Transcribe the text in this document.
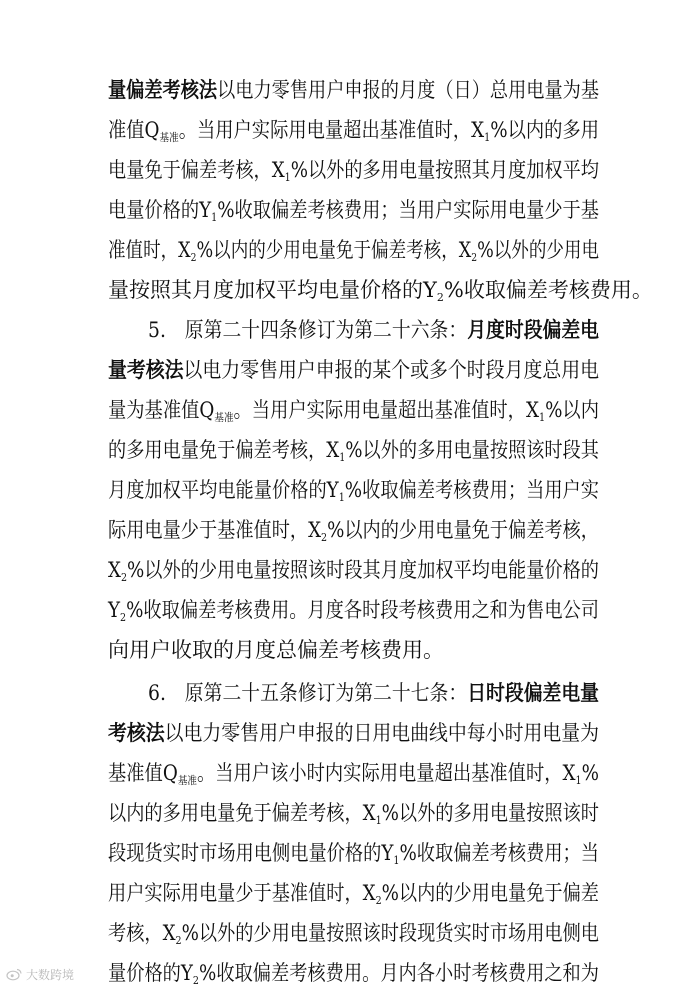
量偏差考核法以电力零售用户申报的月度（日）总用电量为基
准值$Q_{基准}$。当用户实际用电量超出基准值时，$X_1\%$以内的多用
电量免于偏差考核，$X_1\%$以外的多用电量按照其月度加权平均
电量价格的$Y_1\%$收取偏差考核费用；当用户实际用电量少于基
准值时，$X_2\%$以内的少用电量免于偏差考核，$X_2\%$以外的少用电
量按照其月度加权平均电量价格的$Y_2\%$收取偏差考核费用。
5.　原第二十四条修订为第二十六条：月度时段偏差电
量考核法以电力零售用户申报的某个或多个时段月度总用电
量为基准值$Q_{基准}$。当用户实际用电量超出基准值时，$X_1\%$以内
的多用电量免于偏差考核，$X_1\%$以外的多用电量按照该时段其
月度加权平均电能量价格的$Y_1\%$收取偏差考核费用；当用户实
际用电量少于基准值时，$X_2\%$以内的少用电量免于偏差考核，
$X_2\%$以外的少用电量按照该时段其月度加权平均电能量价格的
$Y_2\%$收取偏差考核费用。月度各时段考核费用之和为售电公司
向用户收取的月度总偏差考核费用。
6.　原第二十五条修订为第二十七条：日时段偏差电量
考核法以电力零售用户申报的日用电曲线中每小时用电量为
基准值$Q_{基准}$。当用户该小时内实际用电量超出基准值时，$X_1\%$
以内的多用电量免于偏差考核，$X_1\%$以外的多用电量按照该时
段现货实时市场用电侧电量价格的$Y_1\%$收取偏差考核费用；当
用户实际用电量少于基准值时，$X_2\%$以内的少用电量免于偏差
考核，$X_2\%$以外的少用电量按照该时段现货实时市场用电侧电
量价格的$Y_2\%$收取偏差考核费用。月内各小时考核费用之和为
大数跨境
